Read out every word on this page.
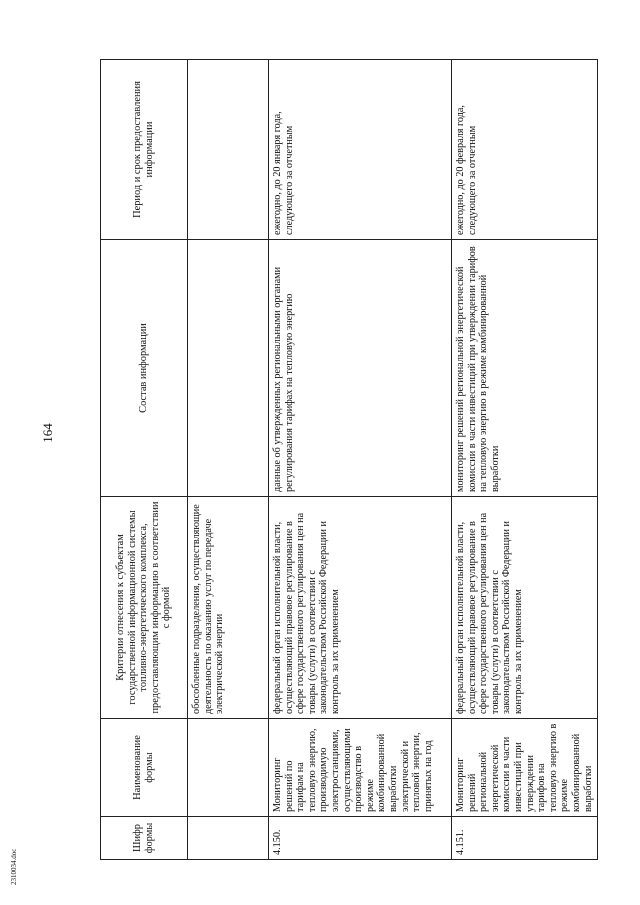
164
Шифр формы	Наименование формы	Критерии отнесения к субъектам государственной информационной системы топливно-энергетического комплекса, предоставляющим информацию в соответствии с формой	Состав информации	Период и срок предоставления информации
		обособленные подразделения, осуществляющие деятельность по оказанию услуг по передаче электрической энергии		
4.150.	Мониторинг решений по тарифам на тепловую энергию, производимую электростанциями, осуществляющими производство в режиме комбинированной выработки электрической и тепловой энергии, принятых на год	федеральный орган исполнительной власти, осуществляющий правовое регулирование в сфере государственного регулирования цен на товары (услуги) в соответствии с законодательством Российской Федерации и контроль за их применением	данные об утвержденных региональными органами регулирования тарифах на тепловую энергию	ежегодно, до 20 января года, следующего за отчетным
4.151.	Мониторинг решений региональной энергетической комиссии в части инвестиций при утверждении тарифов на тепловую энергию в режиме комбинированной выработки	федеральный орган исполнительной власти, осуществляющий правовое регулирование в сфере государственного регулирования цен на товары (услуги) в соответствии с законодательством Российской Федерации и контроль за их применением	мониторинг решений региональной энергетической комиссии в части инвестиций при утверждении тарифов на тепловую энергию в режиме комбинированной выработки	ежегодно, до 20 февраля года, следующего за отчетным
2310034.doc
